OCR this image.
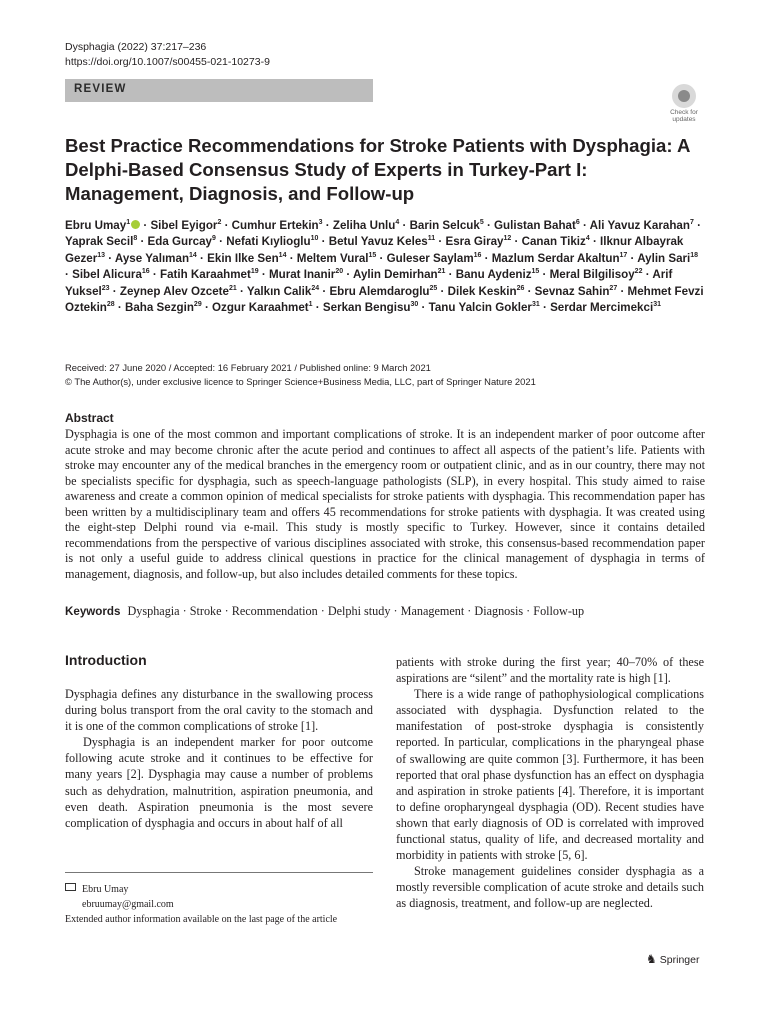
Dysphagia (2022) 37:217–236
https://doi.org/10.1007/s00455-021-10273-9
REVIEW
Check for updates
Best Practice Recommendations for Stroke Patients with Dysphagia: A Delphi-Based Consensus Study of Experts in Turkey-Part I: Management, Diagnosis, and Follow-up
Ebru Umay$^1$ · Sibel Eyigor$^2$ · Cumhur Ertekin$^3$ · Zeliha Unlu$^4$ · Barin Selcuk$^5$ · Gulistan Bahat$^6$ · Ali Yavuz Karahan$^7$ · Yaprak Secil$^8$ · Eda Gurcay$^9$ · Nefati Kıylioglu$^{10}$ · Betul Yavuz Keles$^{11}$ · Esra Giray$^{12}$ · Canan Tikiz$^4$ · Ilknur Albayrak Gezer$^{13}$ · Ayse Yalıman$^{14}$ · Ekin Ilke Sen$^{14}$ · Meltem Vural$^{15}$ · Guleser Saylam$^{16}$ · Mazlum Serdar Akaltun$^{17}$ · Aylin Sari$^{18}$ · Sibel Alicura$^{16}$ · Fatih Karaahmet$^{19}$ · Murat Inanir$^{20}$ · Aylin Demirhan$^{21}$ · Banu Aydeniz$^{15}$ · Meral Bilgilisoy$^{22}$ · Arif Yuksel$^{23}$ · Zeynep Alev Ozcete$^{21}$ · Yalkın Calik$^{24}$ · Ebru Alemdaroglu$^{25}$ · Dilek Keskin$^{26}$ · Sevnaz Sahin$^{27}$ · Mehmet Fevzi Oztekin$^{28}$ · Baha Sezgin$^{29}$ · Ozgur Karaahmet$^1$ · Serkan Bengisu$^{30}$ · Tanu Yalcin Gokler$^{31}$ · Serdar Mercimekci$^{31}$
Received: 27 June 2020 / Accepted: 16 February 2021 / Published online: 9 March 2021
© The Author(s), under exclusive licence to Springer Science+Business Media, LLC, part of Springer Nature 2021
Abstract

Dysphagia is one of the most common and important complications of stroke. It is an independent marker of poor outcome after acute stroke and may become chronic after the acute period and continues to affect all aspects of the patient’s life. Patients with stroke may encounter any of the medical branches in the emergency room or outpatient clinic, and as in our country, there may not be specialists specific for dysphagia, such as speech-language pathologists (SLP), in every hospital. This study aimed to raise awareness and create a common opinion of medical specialists for stroke patients with dysphagia. This recommendation paper has been written by a multidisciplinary team and offers 45 recommendations for stroke patients with dysphagia. It was created using the eight-step Delphi round via e-mail. This study is mostly specific to Turkey. However, since it contains detailed recommendations from the perspective of various disciplines associated with stroke, this consensus-based recommendation paper is not only a useful guide to address clinical questions in practice for the clinical management of dysphagia in terms of management, diagnosis, and follow-up, but also includes detailed comments for these topics.

Keywords Dysphagia · Stroke · Recommendation · Delphi study · Management · Diagnosis · Follow-up
Introduction

Dysphagia defines any disturbance in the swallowing process during bolus transport from the oral cavity to the stomach and it is one of the common complications of stroke [1].

Dysphagia is an independent marker for poor outcome following acute stroke and it continues to be effective for many years [2]. Dysphagia may cause a number of problems such as dehydration, malnutrition, aspiration pneumonia, and even death. Aspiration pneumonia is the most severe complication of dysphagia and occurs in about half of all

patients with stroke during the first year; 40–70% of these aspirations are “silent” and the mortality rate is high [1].

There is a wide range of pathophysiological complications associated with dysphagia. Dysfunction related to the manifestation of post-stroke dysphagia is consistently reported. In particular, complications in the pharyngeal phase of swallowing are quite common [3]. Furthermore, it has been reported that oral phase dysfunction has an effect on dysphagia and aspiration in stroke patients [4]. Therefore, it is important to define oropharyngeal dysphagia (OD). Recent studies have shown that early diagnosis of OD is correlated with improved functional status, quality of life, and decreased mortality and morbidity in patients with stroke [5, 6].

Stroke management guidelines consider dysphagia as a mostly reversible complication of acute stroke and details such as diagnosis, treatment, and follow-up are neglected.

Ebru Umay
ebruumay@gmail.com
Extended author information available on the last page of the article
♞ Springer
